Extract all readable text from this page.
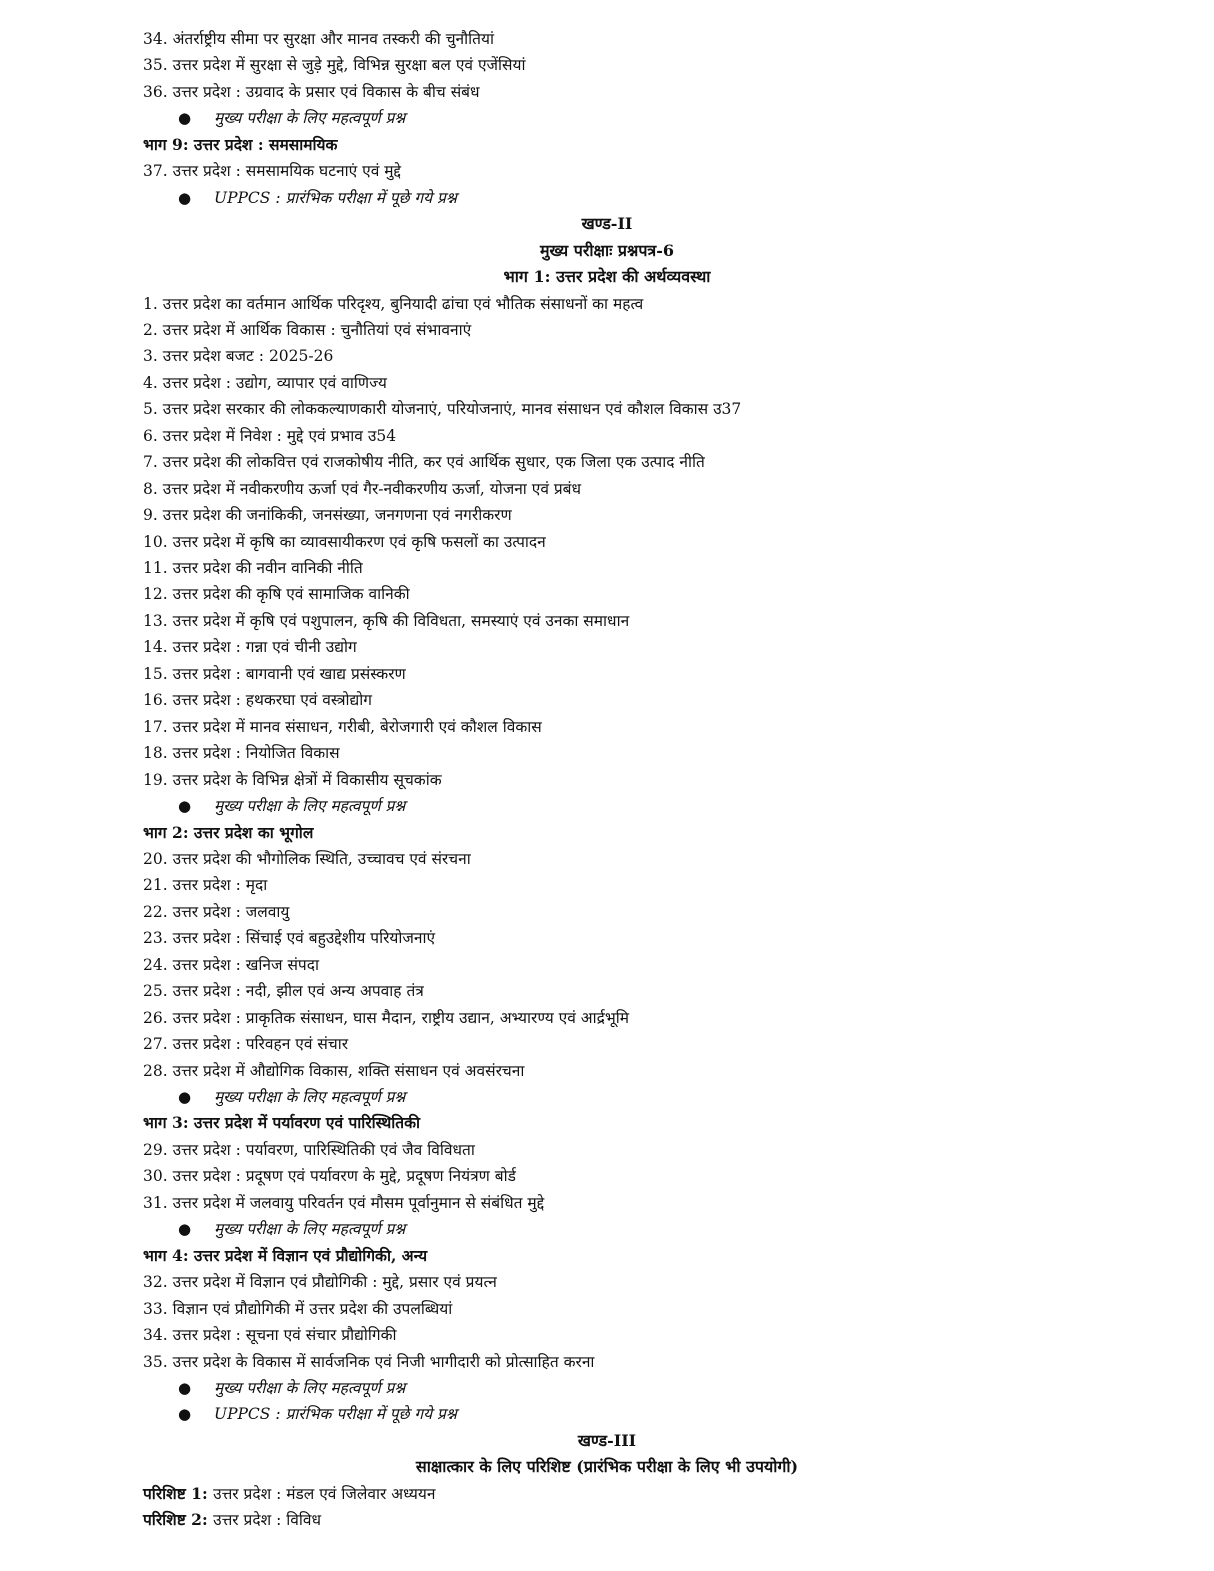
34. अंतर्राष्ट्रीय सीमा पर सुरक्षा और मानव तस्करी की चुनौतियां
35. उत्तर प्रदेश में सुरक्षा से जुड़े मुद्दे, विभिन्न सुरक्षा बल एवं एजेंसियां
36. उत्तर प्रदेश : उग्रवाद के प्रसार एवं विकास के बीच संबंध
● मुख्य परीक्षा के लिए महत्वपूर्ण प्रश्न
भाग 9: उत्तर प्रदेश : समसामयिक
37. उत्तर प्रदेश : समसामयिक घटनाएं एवं मुद्दे
● UPPCS : प्रारंभिक परीक्षा में पूछे गये प्रश्न
खण्ड-II
मुख्य परीक्षाः प्रश्नपत्र-6
भाग 1: उत्तर प्रदेश की अर्थव्यवस्था
1. उत्तर प्रदेश का वर्तमान आर्थिक परिदृश्य, बुनियादी ढांचा एवं भौतिक संसाधनों का महत्व
2. उत्तर प्रदेश में आर्थिक विकास : चुनौतियां एवं संभावनाएं
3. उत्तर प्रदेश बजट : 2025-26
4. उत्तर प्रदेश : उद्योग, व्यापार एवं वाणिज्य
5. उत्तर प्रदेश सरकार की लोककल्याणकारी योजनाएं, परियोजनाएं, मानव संसाधन एवं कौशल विकास उ37
6. उत्तर प्रदेश में निवेश : मुद्दे एवं प्रभाव उ54
7. उत्तर प्रदेश की लोकवित्त एवं राजकोषीय नीति, कर एवं आर्थिक सुधार, एक जिला एक उत्पाद नीति
8. उत्तर प्रदेश में नवीकरणीय ऊर्जा एवं गैर-नवीकरणीय ऊर्जा, योजना एवं प्रबंध
9. उत्तर प्रदेश की जनांकिकी, जनसंख्या, जनगणना एवं नगरीकरण
10. उत्तर प्रदेश में कृषि का व्यावसायीकरण एवं कृषि फसलों का उत्पादन
11. उत्तर प्रदेश की नवीन वानिकी नीति
12. उत्तर प्रदेश की कृषि एवं सामाजिक वानिकी
13. उत्तर प्रदेश में कृषि एवं पशुपालन, कृषि की विविधता, समस्याएं एवं उनका समाधान
14. उत्तर प्रदेश : गन्ना एवं चीनी उद्योग
15. उत्तर प्रदेश : बागवानी एवं खाद्य प्रसंस्करण
16. उत्तर प्रदेश : हथकरघा एवं वस्त्रोद्योग
17. उत्तर प्रदेश में मानव संसाधन, गरीबी, बेरोजगारी एवं कौशल विकास
18. उत्तर प्रदेश : नियोजित विकास
19. उत्तर प्रदेश के विभिन्न क्षेत्रों में विकासीय सूचकांक
● मुख्य परीक्षा के लिए महत्वपूर्ण प्रश्न
भाग 2: उत्तर प्रदेश का भूगोल
20. उत्तर प्रदेश की भौगोलिक स्थिति, उच्चावच एवं संरचना
21. उत्तर प्रदेश : मृदा
22. उत्तर प्रदेश : जलवायु
23. उत्तर प्रदेश : सिंचाई एवं बहुउद्देशीय परियोजनाएं
24. उत्तर प्रदेश : खनिज संपदा
25. उत्तर प्रदेश : नदी, झील एवं अन्य अपवाह तंत्र
26. उत्तर प्रदेश : प्राकृतिक संसाधन, घास मैदान, राष्ट्रीय उद्यान, अभ्यारण्य एवं आर्द्रभूमि
27. उत्तर प्रदेश : परिवहन एवं संचार
28. उत्तर प्रदेश में औद्योगिक विकास, शक्ति संसाधन एवं अवसंरचना
● मुख्य परीक्षा के लिए महत्वपूर्ण प्रश्न
भाग 3: उत्तर प्रदेश में पर्यावरण एवं पारिस्थितिकी
29. उत्तर प्रदेश : पर्यावरण, पारिस्थितिकी एवं जैव विविधता
30. उत्तर प्रदेश : प्रदूषण एवं पर्यावरण के मुद्दे, प्रदूषण नियंत्रण बोर्ड
31. उत्तर प्रदेश में जलवायु परिवर्तन एवं मौसम पूर्वानुमान से संबंधित मुद्दे
● मुख्य परीक्षा के लिए महत्वपूर्ण प्रश्न
भाग 4: उत्तर प्रदेश में विज्ञान एवं प्रौद्योगिकी, अन्य
32. उत्तर प्रदेश में विज्ञान एवं प्रौद्योगिकी : मुद्दे, प्रसार एवं प्रयत्न
33. विज्ञान एवं प्रौद्योगिकी में उत्तर प्रदेश की उपलब्धियां
34. उत्तर प्रदेश : सूचना एवं संचार प्रौद्योगिकी
35. उत्तर प्रदेश के विकास में सार्वजनिक एवं निजी भागीदारी को प्रोत्साहित करना
● मुख्य परीक्षा के लिए महत्वपूर्ण प्रश्न
● UPPCS : प्रारंभिक परीक्षा में पूछे गये प्रश्न
खण्ड-III
साक्षात्कार के लिए परिशिष्ट (प्रारंभिक परीक्षा के लिए भी उपयोगी)
परिशिष्ट 1: उत्तर प्रदेश : मंडल एवं जिलेवार अध्ययन
परिशिष्ट 2: उत्तर प्रदेश : विविध
